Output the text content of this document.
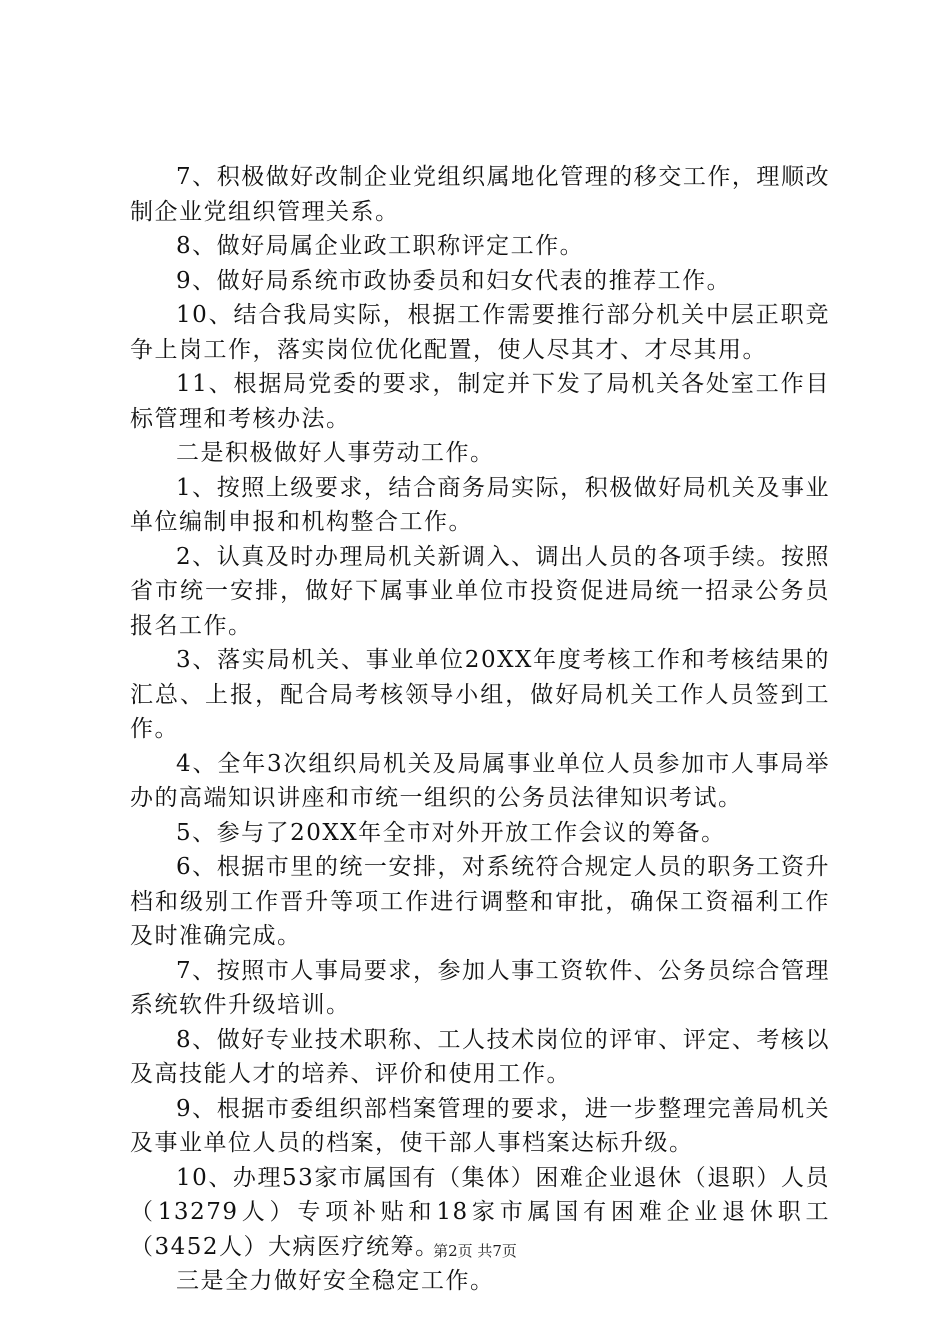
7、积极做好改制企业党组织属地化管理的移交工作，理顺改制企业党组织管理关系。

8、做好局属企业政工职称评定工作。

9、做好局系统市政协委员和妇女代表的推荐工作。

10、结合我局实际，根据工作需要推行部分机关中层正职竞争上岗工作，落实岗位优化配置，使人尽其才、才尽其用。

11、根据局党委的要求，制定并下发了局机关各处室工作目标管理和考核办法。

二是积极做好人事劳动工作。

1、按照上级要求，结合商务局实际，积极做好局机关及事业单位编制申报和机构整合工作。

2、认真及时办理局机关新调入、调出人员的各项手续。按照省市统一安排，做好下属事业单位市投资促进局统一招录公务员报名工作。

3、落实局机关、事业单位20XX年度考核工作和考核结果的汇总、上报，配合局考核领导小组，做好局机关工作人员签到工作。

4、全年3次组织局机关及局属事业单位人员参加市人事局举办的高端知识讲座和市统一组织的公务员法律知识考试。

5、参与了20XX年全市对外开放工作会议的筹备。

6、根据市里的统一安排，对系统符合规定人员的职务工资升档和级别工作晋升等项工作进行调整和审批，确保工资福利工作及时准确完成。

7、按照市人事局要求，参加人事工资软件、公务员综合管理系统软件升级培训。

8、做好专业技术职称、工人技术岗位的评审、评定、考核以及高技能人才的培养、评价和使用工作。

9、根据市委组织部档案管理的要求，进一步整理完善局机关及事业单位人员的档案，使干部人事档案达标升级。

10、办理53家市属国有（集体）困难企业退休（退职）人员（13279人）专项补贴和18家市属国有困难企业退休职工（3452人）大病医疗统筹。

三是全力做好安全稳定工作。

第2页 共7页
